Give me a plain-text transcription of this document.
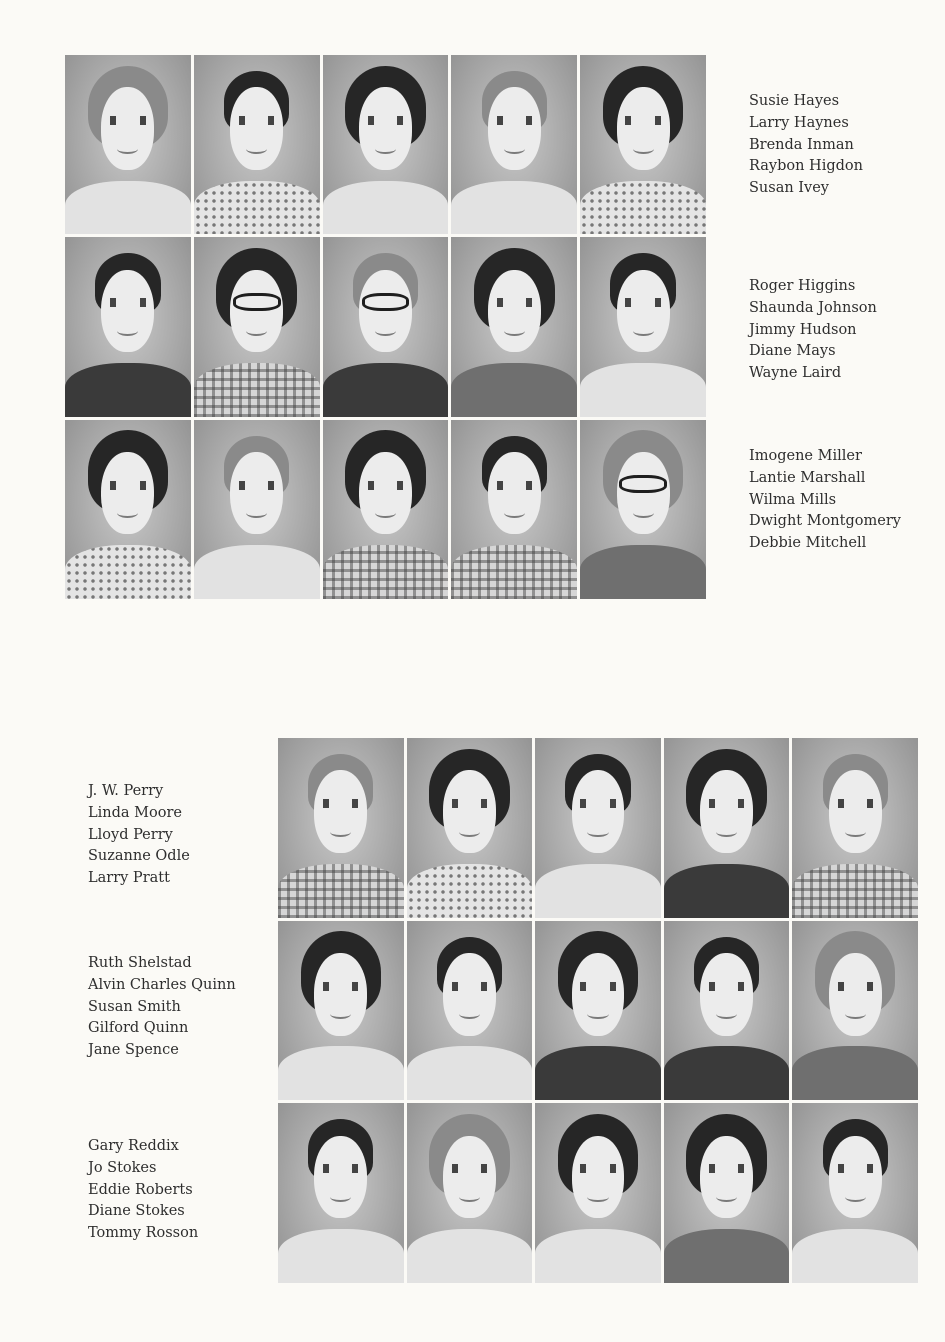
Susie Hayes
Larry Haynes
Brenda Inman
Raybon Higdon
Susan Ivey
Roger Higgins
Shaunda Johnson
Jimmy Hudson
Diane Mays
Wayne Laird
Imogene Miller
Lantie Marshall
Wilma Mills
Dwight Montgomery
Debbie Mitchell
J. W. Perry
Linda Moore
Lloyd Perry
Suzanne Odle
Larry Pratt
Ruth Shelstad
Alvin Charles Quinn
Susan Smith
Gilford Quinn
Jane Spence
Gary Reddix
Jo Stokes
Eddie Roberts
Diane Stokes
Tommy Rosson
